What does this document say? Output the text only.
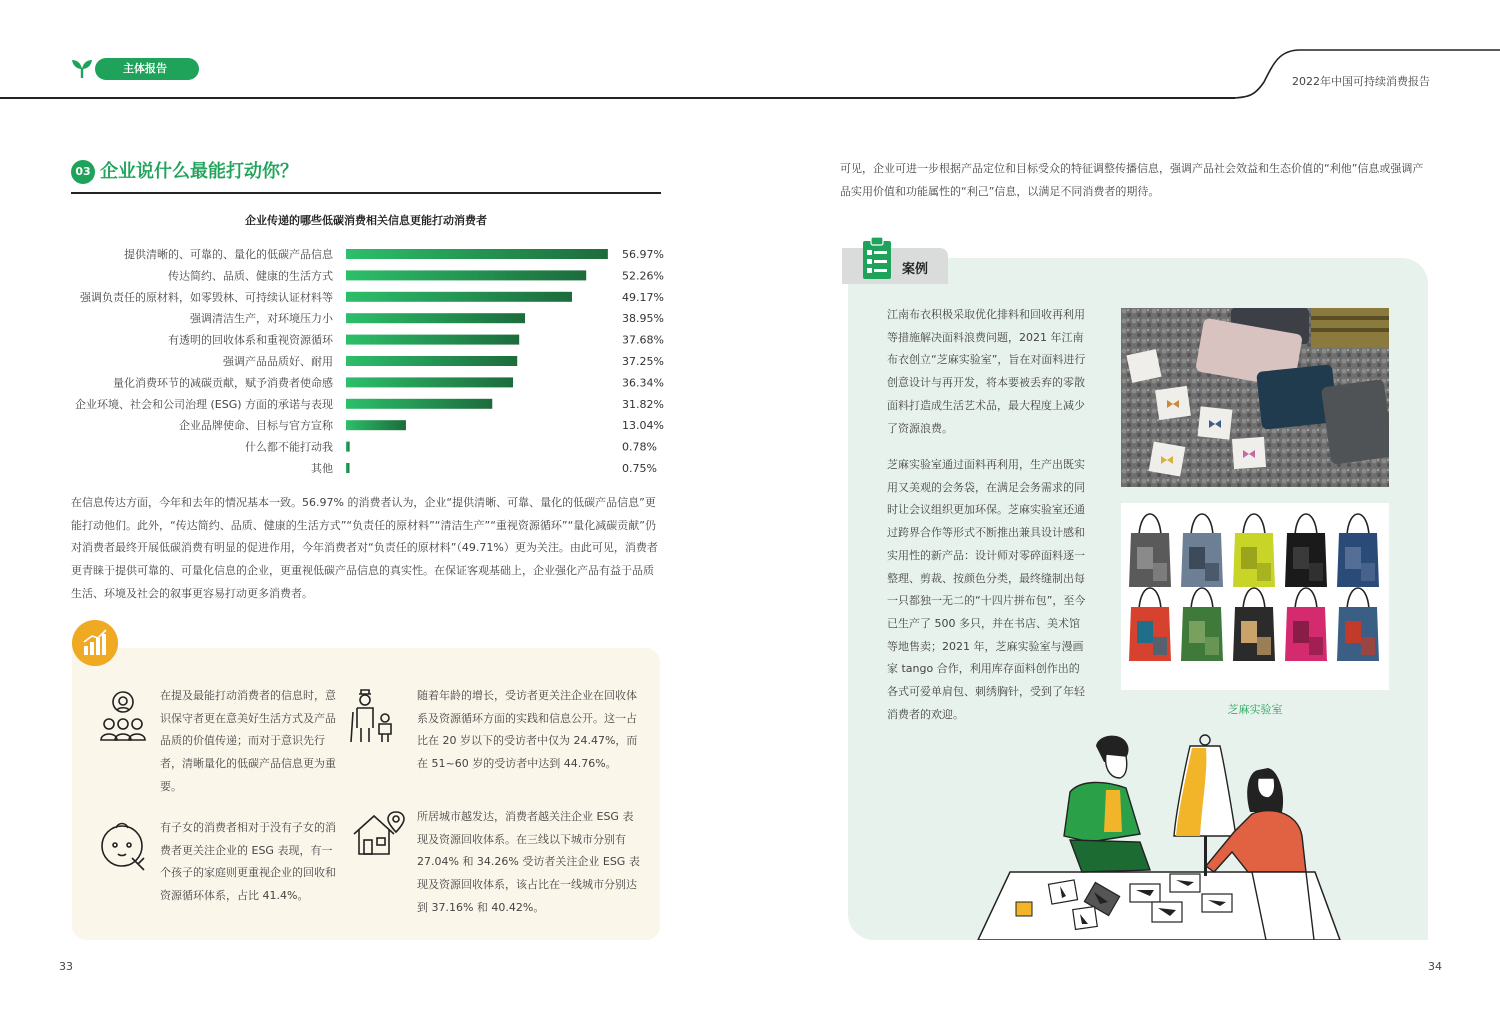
主体报告
2022年中国可持续消费报告
03 企业说什么最能打动你？
企业传递的哪些低碳消费相关信息更能打动消费者
提供清晰的、可靠的、量化的低碳产品信息	56.97%
传达简约、品质、健康的生活方式	52.26%
强调负责任的原材料，如零毁林、可持续认证材料等	49.17%
强调清洁生产，对环境压力小	38.95%
有透明的回收体系和重视资源循环	37.68%
强调产品品质好、耐用	37.25%
量化消费环节的减碳贡献，赋予消费者使命感	36.34%
企业环境、社会和公司治理 (ESG) 方面的承诺与表现	31.82%
企业品牌使命、目标与官方宣称	13.04%
什么都不能打动我	0.78%
其他	0.75%
在信息传达方面，今年和去年的情况基本一致。56.97% 的消费者认为，企业“提供清晰、可靠、量化的低碳产品信息”更能打动他们。此外，“传达简约、品质、健康的生活方式”“负责任的原材料”“清洁生产”“重视资源循环”“量化减碳贡献”仍对消费者最终开展低碳消费有明显的促进作用，今年消费者对“负责任的原材料”（49.71%）更为关注。由此可见，消费者更青睐于提供可靠的、可量化信息的企业，更重视低碳产品信息的真实性。在保证客观基础上，企业强化产品有益于品质生活、环境及社会的叙事更容易打动更多消费者。
在提及最能打动消费者的信息时，意识保守者更在意美好生活方式及产品品质的价值传递；而对于意识先行者，清晰量化的低碳产品信息更为重要。
随着年龄的增长，受访者更关注企业在回收体系及资源循环方面的实践和信息公开。这一占比在 20 岁以下的受访者中仅为 24.47%，而在 51~60 岁的受访者中达到 44.76%。
有子女的消费者相对于没有子女的消费者更关注企业的 ESG 表现，有一个孩子的家庭则更重视企业的回收和资源循环体系，占比 41.4%。
所居城市越发达，消费者越关注企业 ESG 表现及资源回收体系。在三线以下城市分别有 27.04% 和 34.26% 受访者关注企业 ESG 表现及资源回收体系，该占比在一线城市分别达到 37.16% 和 40.42%。
可见，企业可进一步根据产品定位和目标受众的特征调整传播信息，强调产品社会效益和生态价值的“利他”信息或强调产品实用价值和功能属性的“利己”信息，以满足不同消费者的期待。
案例
江南布衣积极采取优化排料和回收再利用等措施解决面料浪费问题，2021 年江南布衣创立“芝麻实验室”，旨在对面料进行创意设计与再开发，将本要被丢弃的零散面料打造成生活艺术品，最大程度上减少了资源浪费。
芝麻实验室通过面料再利用，生产出既实用又美观的会务袋，在满足会务需求的同时让会议组织更加环保。芝麻实验室还通过跨界合作等形式不断推出兼具设计感和实用性的新产品：设计师对零碎面料逐一整理、剪裁、按颜色分类，最终缝制出每一只都独一无二的“十四片拼布包”，至今已生产了 500 多只，并在书店、美术馆等地售卖；2021 年，芝麻实验室与漫画家 tango 合作，利用库存面料创作出的各式可爱单肩包、刺绣胸针，受到了年轻消费者的欢迎。	芝麻实验室
33	34
